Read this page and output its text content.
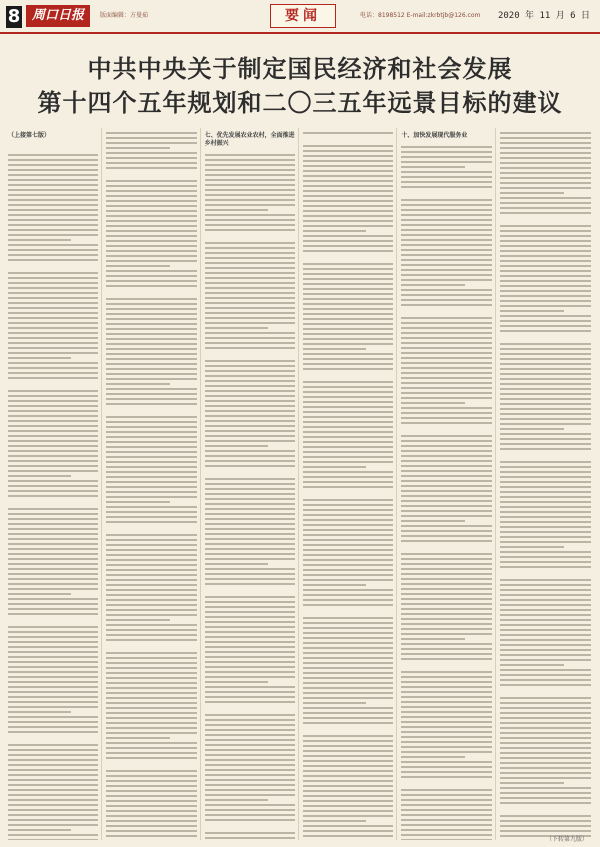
8 周口日报	版面编辑：方曼茹	要闻	电话：8198512 E-mail:zkrbtjb@126.com 2020 年 11 月 6 日
中共中央关于制定国民经济和社会发展
第十四个五年规划和二〇三五年远景目标的建议
（上接第七版）	七、优先发展农业农村，全面推进乡村振兴
十、加快发展现代服务业
（下转第九版）
